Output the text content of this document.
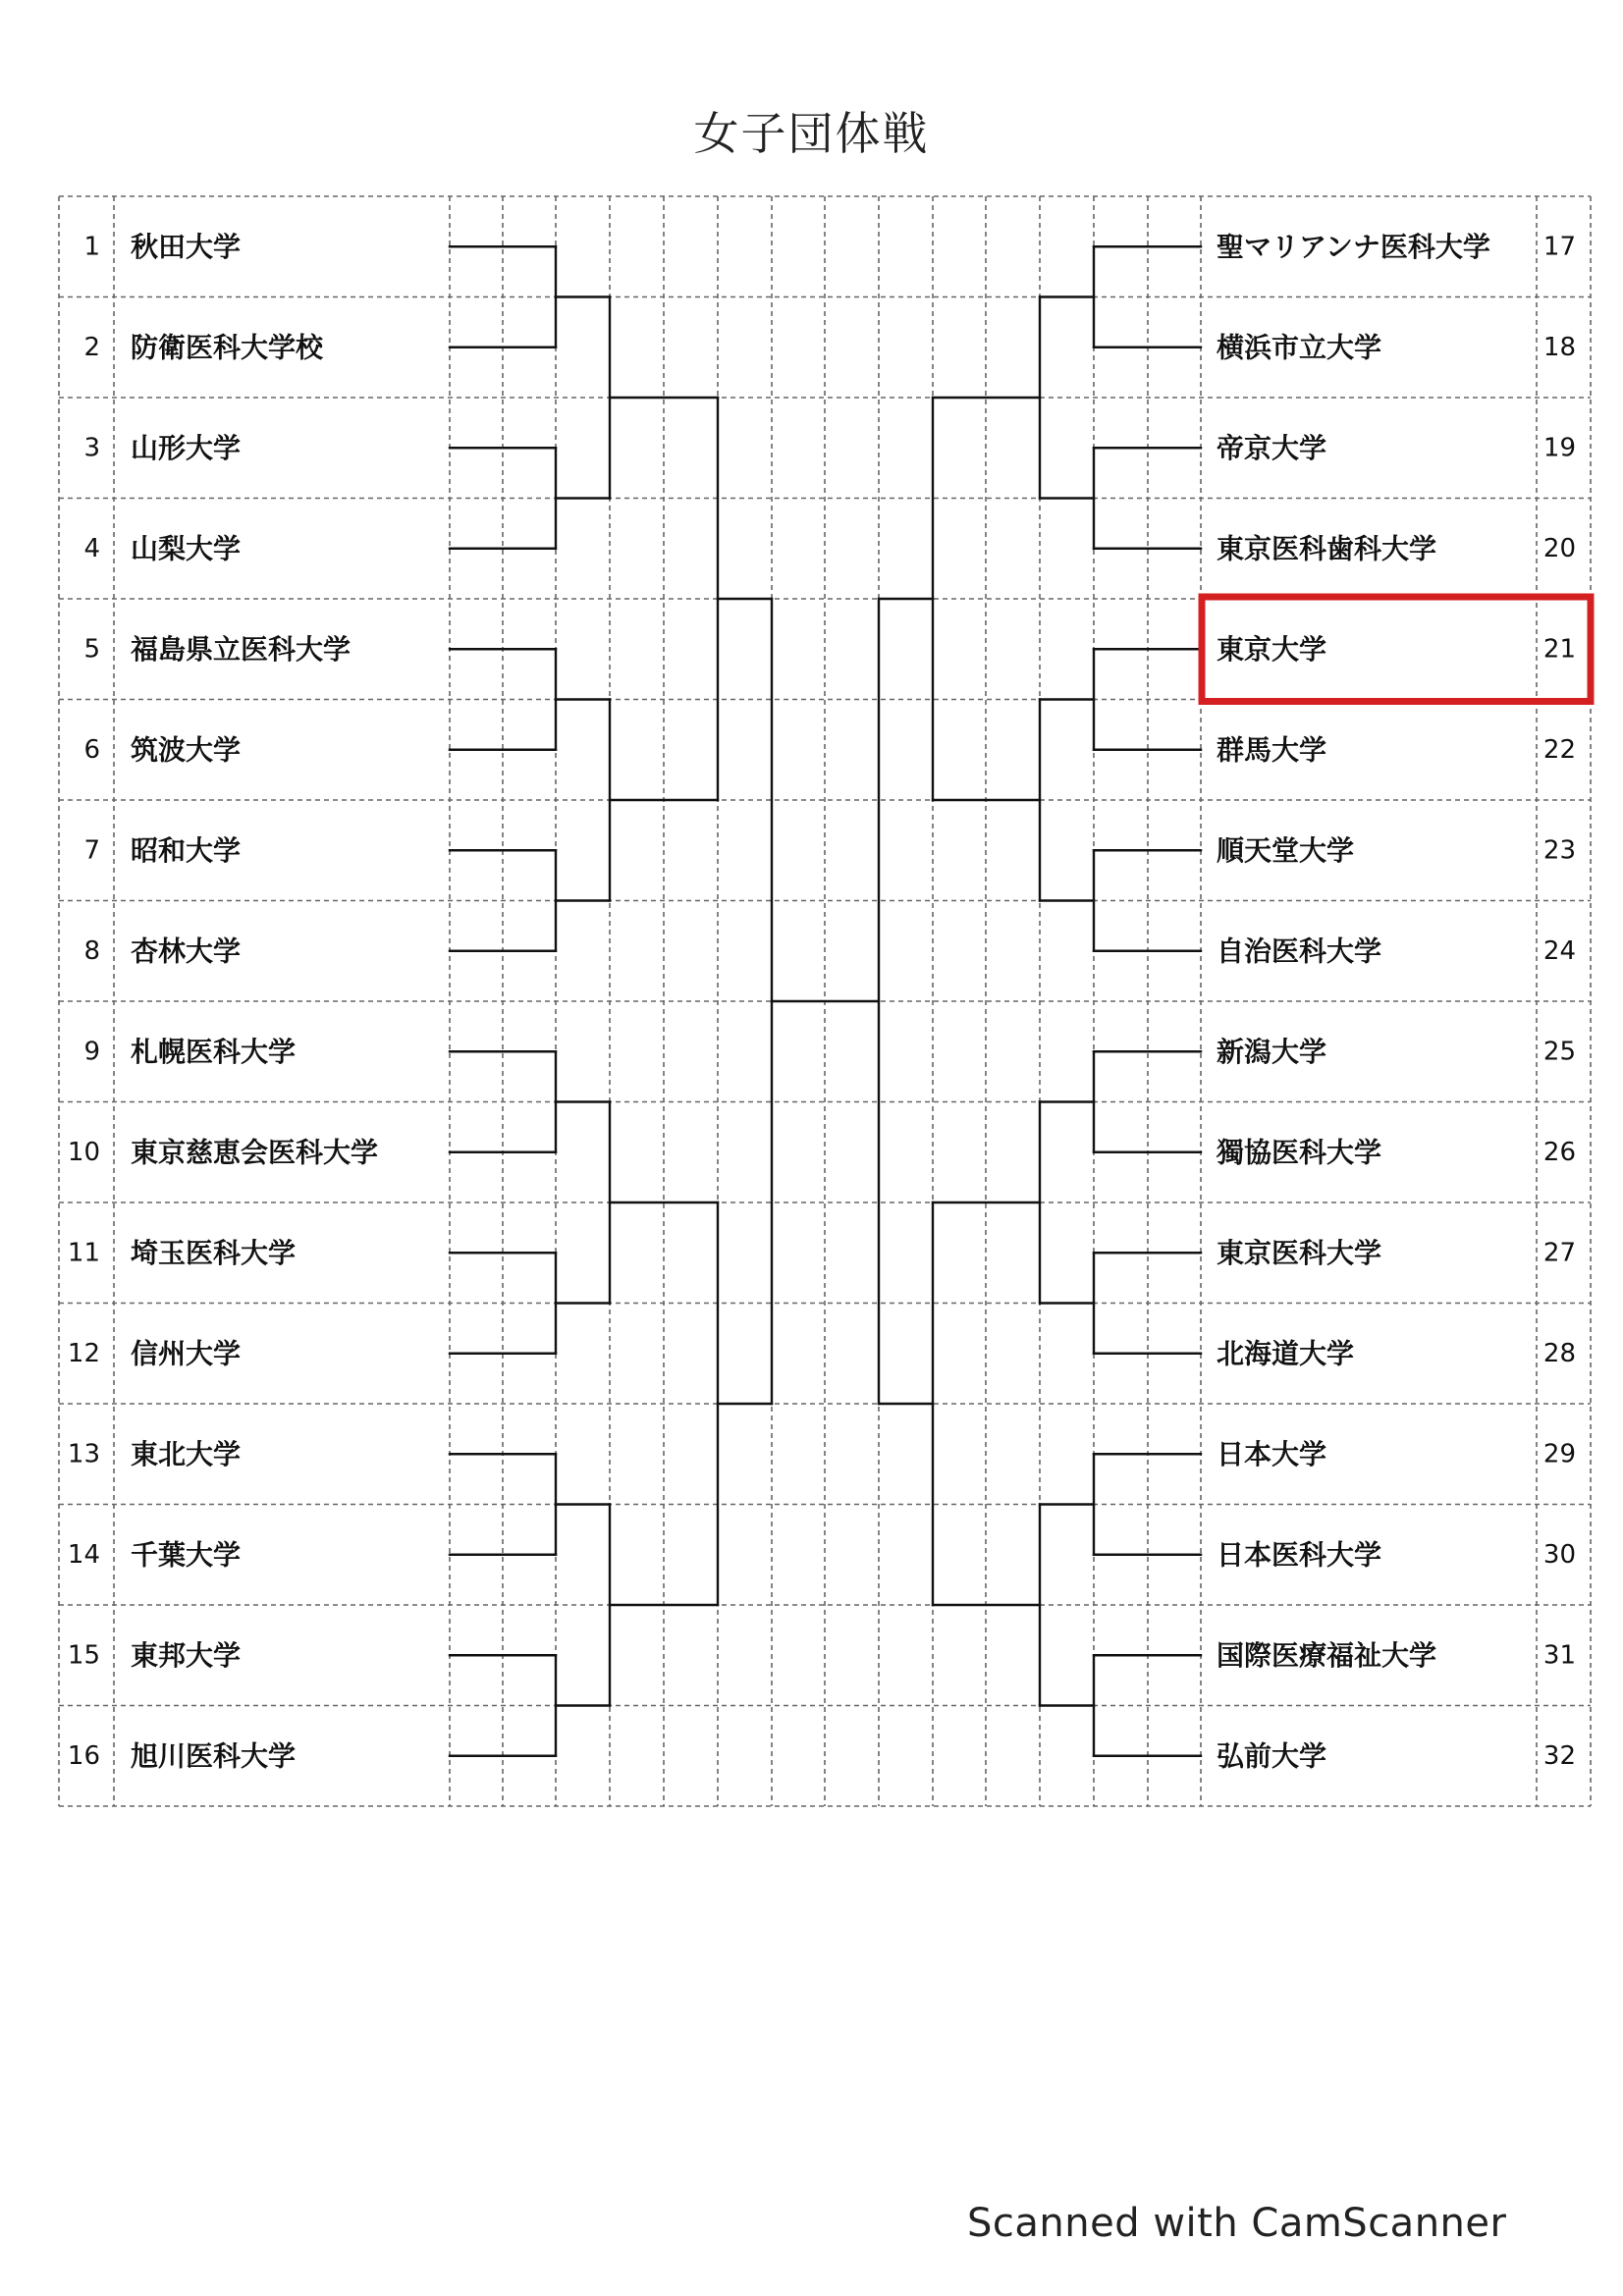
女子団体戦
1 秋田大学
2 防衛医科大学校
3 山形大学
4 山梨大学
5 福島県立医科大学
6 筑波大学
7 昭和大学
8 杏林大学
9 札幌医科大学
10 東京慈恵会医科大学
11 埼玉医科大学
12 信州大学
13 東北大学
14 千葉大学
15 東邦大学
16 旭川医科大学
聖マリアンナ医科大学 17
横浜市立大学	18
帝京大学	19
東京医科歯科大学	20
東京大学	21
群馬大学	22
順天堂大学	23
自治医科大学	24
新潟大学	25
獨協医科大学	26
東京医科大学	27
北海道大学	28
日本大学	29
日本医科大学	30
国際医療福祉大学	31
弘前大学	32
Scanned with CamScanner
